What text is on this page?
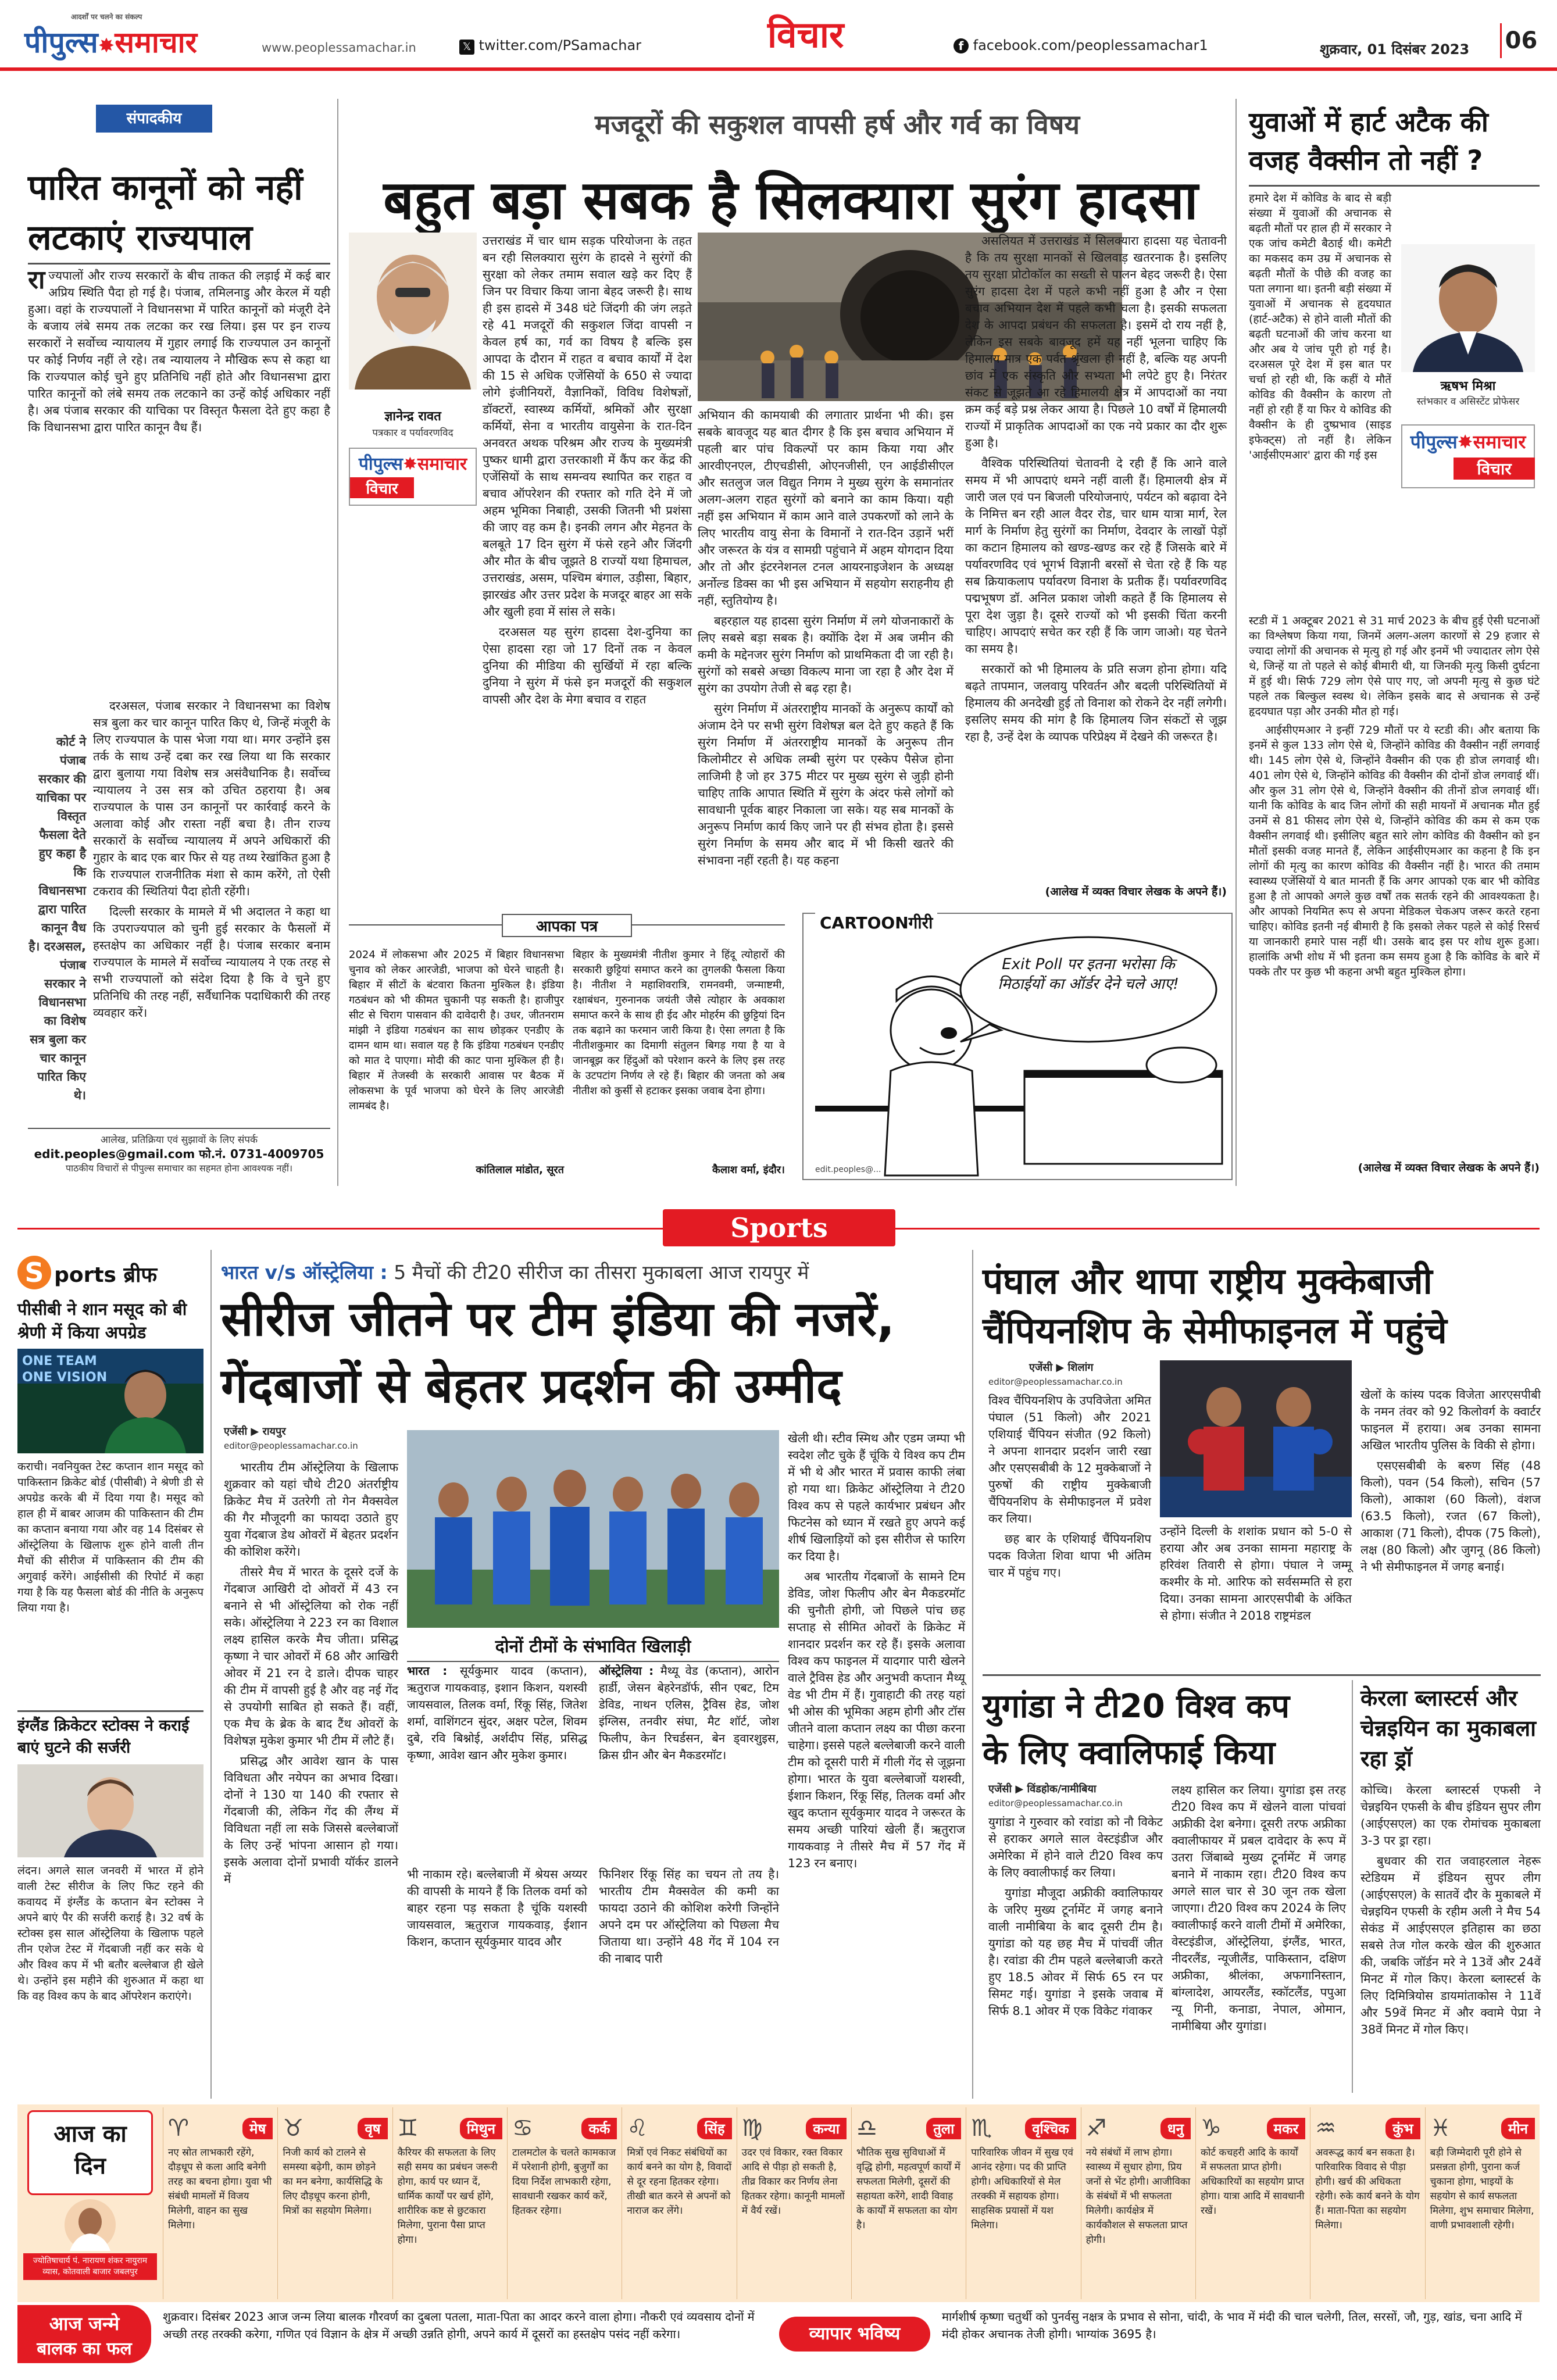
आदर्शों पर चलने का संकल्प
पीपुल्स✸समाचार	www.peoplessamachar.in	𝕏 twitter.com/PSamachar	विचार	f facebook.com/peoplessamachar1	शुक्रवार, 01 दिसंबर 2023 06
संपादकीय
पारित कानूनों को नहीं लटकाएं राज्यपाल

राज्यपालों और राज्य सरकारों के बीच ताकत की लड़ाई में कई बार अप्रिय स्थिति पैदा हो गई है। पंजाब, तमिलनाडु और केरल में यही हुआ। वहां के राज्यपालों ने विधानसभा में पारित कानूनों को मंजूरी देने के बजाय लंबे समय तक लटका कर रख लिया। इस पर इन राज्य सरकारों ने सर्वोच्च न्यायालय में गुहार लगाई कि राज्यपाल उन कानूनों पर कोई निर्णय नहीं ले रहे। तब न्यायालय ने मौखिक रूप से कहा था कि राज्यपाल कोई चुने हुए प्रतिनिधि नहीं होते और विधानसभा द्वारा पारित कानूनों को लंबे समय तक लटकाने का उन्हें कोई अधिकार नहीं है। अब पंजाब सरकार की याचिका पर विस्तृत फैसला देते हुए कहा है कि विधानसभा द्वारा पारित कानून वैध हैं।

दरअसल, पंजाब सरकार ने विधानसभा का विशेष सत्र बुला कर चार कानून पारित किए थे, जिन्हें मंजूरी के लिए राज्यपाल के पास भेजा गया था। मगर उन्होंने इस तर्क के साथ उन्हें दबा कर रख लिया था कि सरकार द्वारा बुलाया गया विशेष सत्र असंवैधानिक है। सर्वोच्च न्यायालय ने उस सत्र को उचित ठहराया है। अब राज्यपाल के पास उन कानूनों पर कार्रवाई करने के अलावा कोई और रास्ता नहीं बचा है। तीन राज्य सरकारों के सर्वोच्च न्यायालय में अपने अधिकारों की गुहार के बाद एक बार फिर से यह तथ्य रेखांकित हुआ है कि राज्यपाल राजनीतिक मंशा से काम करेंगे, तो ऐसी टकराव की स्थितियां पैदा होती रहेंगी।

दिल्ली सरकार के मामले में भी अदालत ने कहा था कि उपराज्यपाल को चुनी हुई सरकार के फैसलों में हस्तक्षेप का अधिकार नहीं है। पंजाब सरकार बनाम राज्यपाल के मामले में सर्वोच्च न्यायालय ने एक तरह से सभी राज्यपालों को संदेश दिया है कि वे चुने हुए प्रतिनिधि की तरह नहीं, सर्वैधानिक पदाधिकारी की तरह व्यवहार करें।

कोर्ट ने पंजाब सरकार की याचिका पर विस्तृत फैसला देते हुए कहा है कि विधानसभा द्वारा पारित कानून वैध है। दरअसल, पंजाब सरकार ने विधानसभा का विशेष सत्र बुला कर चार कानून पारित किए थे।
आलेख, प्रतिक्रिया एवं सुझावों के लिए संपर्क
edit.peoples@gmail.com फो.नं. 0731-4009705
पाठकीय विचारों से पीपुल्स समाचार का सहमत होना आवश्यक नहीं।
मजदूरों की सकुशल वापसी हर्ष और गर्व का विषय
बहुत बड़ा सबक है सिलक्यारा सुरंग हादसा
ज्ञानेन्द्र रावत
पत्रकार व पर्यावरणविद
पीपुल्स✸समाचार
विचार

उत्तराखंड में चार धाम सड़क परियोजना के तहत बन रही सिलक्यारा सुरंग के हादसे ने सुरंगों की सुरक्षा को लेकर तमाम सवाल खड़े कर दिए हैं जिन पर विचार किया जाना बेहद जरूरी है। साथ ही इस हादसे में 348 घंटे जिंदगी की जंग लड़ते रहे 41 मजदूरों की सकुशल जिंदा वापसी न केवल हर्ष का, गर्व का विषय है बल्कि इस आपदा के दौरान में राहत व बचाव कार्यों में देश की 15 से अधिक एजेंसियों के 650 से ज्यादा लोगे इंजीनियरों, वैज्ञानिकों, विविध विशेषज्ञों, डॉक्टरों, स्वास्थ्य कर्मियों, श्रमिकों और सुरक्षा कर्मियों, सेना व भारतीय वायुसेना के रात-दिन अनवरत अथक परिश्रम और राज्य के मुख्यमंत्री पुष्कर धामी द्वारा उत्तरकाशी में कैंप कर केंद्र की एजेंसियों के साथ समन्वय स्थापित कर राहत व बचाव ऑपरेशन की रफ्तार को गति देने में जो अहम भूमिका निबाही, उसकी जितनी भी प्रशंसा की जाए वह कम है। इनकी लगन और मेहनत के बलबूते 17 दिन सुरंग में फंसे रहने और जिंदगी और मौत के बीच जूझते 8 राज्यों यथा हिमाचल, उत्तराखंड, असम, पश्चिम बंगाल, उड़ीसा, बिहार, झारखंड और उत्तर प्रदेश के मजदूर बाहर आ सके और खुली हवा में सांस ले सके।

दरअसल यह सुरंग हादसा देश-दुनिया का ऐसा हादसा रहा जो 17 दिनों तक न केवल दुनिया की मीडिया की सुर्खियों में रहा बल्कि दुनिया ने सुरंग में फंसे इन मजदूरों की सकुशल वापसी और देश के मेगा बचाव व राहत

अभियान की कामयाबी की लगातार प्रार्थना भी की। इस सबके बावजूद यह बात दीगर है कि इस बचाव अभियान में पहली बार पांच विकल्पों पर काम किया गया और आरवीएनएल, टीएचडीसी, ओएनजीसी, एन आईडीसीएल और सतलुज जल विद्युत निगम ने मुख्य सुरंग के समानांतर अलग-अलग राहत सुरंगों को बनाने का काम किया। यही नहीं इस अभियान में काम आने वाले उपकरणों को लाने के लिए भारतीय वायु सेना के विमानों ने रात-दिन उड़ानें भरीं और जरूरत के यंत्र व सामग्री पहुंचाने में अहम योगदान दिया और तो और इंटरनेशनल टनल आयरनाइजेशन के अध्यक्ष अर्नोल्ड डिक्स का भी इस अभियान में सहयोग सराहनीय ही नहीं, स्तुतियोग्य है।

बहरहाल यह हादसा सुरंग निर्माण में लगे योजनाकारों के लिए सबसे बड़ा सबक है। क्योंकि देश में अब जमीन की कमी के मद्देनजर सुरंग निर्माण को प्राथमिकता दी जा रही है। सुरंगों को सबसे अच्छा विकल्प माना जा रहा है और देश में सुरंग का उपयोग तेजी से बढ़ रहा है।

सुरंग निर्माण में अंतरराष्ट्रीय मानकों के अनुरूप कार्यों को अंजाम देने पर सभी सुरंग विशेषज्ञ बल देते हुए कहते हैं कि सुरंग निर्माण में अंतरराष्ट्रीय मानकों के अनुरूप तीन किलोमीटर से अधिक लम्बी सुरंग पर एस्केप पैसेज होना लाजिमी है जो हर 375 मीटर पर मुख्य सुरंग से जुड़ी होनी चाहिए ताकि आपात स्थिति में सुरंग के अंदर फंसे लोगों को सावधानी पूर्वक बाहर निकाला जा सके। यह सब मानकों के अनुरूप निर्माण कार्य किए जाने पर ही संभव होता है। इससे सुरंग निर्माण के समय और बाद में भी किसी खतरे की संभावना नहीं रहती है। यह कहना

असलियत में उत्तराखंड में सिलक्यारा हादसा यह चेतावनी है कि तय सुरक्षा मानकों से खिलवाड़ खतरनाक है। इसलिए तय सुरक्षा प्रोटोकॉल का सख्ती से पालन बेहद जरूरी है। ऐसा सुरंग हादसा देश में पहले कभी नहीं हुआ है और न ऐसा बचाव अभियान देश में पहले कभी चला है। इसकी सफलता देश के आपदा प्रबंधन की सफलता है। इसमें दो राय नहीं है, लेकिन इस सबके बावजूद हमें यह नहीं भूलना चाहिए कि हिमालय मात्र एक पर्वत श्रृंखला ही नहीं है, बल्कि यह अपनी छांव में एक संस्कृति और सभ्यता भी लपेटे हुए है। निरंतर संकट से जूझते आ रहे हिमालयी क्षेत्र में आपदाओं का नया क्रम कई बड़े प्रश्न लेकर आया है। पिछले 10 वर्षों में हिमालयी राज्यों में प्राकृतिक आपदाओं का एक नये प्रकार का दौर शुरू हुआ है।

वैश्विक परिस्थितियां चेतावनी दे रही हैं कि आने वाले समय में भी आपदाएं थमने नहीं वाली हैं। हिमालयी क्षेत्र में जारी जल एवं पन बिजली परियोजनाएं, पर्यटन को बढ़ावा देने के निमित्त बन रही आल वैदर रोड, चार धाम यात्रा मार्ग, रेल मार्ग के निर्माण हेतु सुरंगों का निर्माण, देवदार के लाखों पेड़ों का कटान हिमालय को खण्ड-खण्ड कर रहे हैं जिसके बारे में पर्यावरणविद एवं भूगर्भ विज्ञानी बरसों से चेता रहे हैं कि यह सब क्रियाकलाप पर्यावरण विनाश के प्रतीक हैं। पर्यावरणविद पद्मभूषण डॉ. अनिल प्रकाश जोशी कहते हैं कि हिमालय से पूरा देश जुड़ा है। दूसरे राज्यों को भी इसकी चिंता करनी चाहिए। आपदाएं सचेत कर रही हैं कि जाग जाओ। यह चेतने का समय है।

सरकारों को भी हिमालय के प्रति सजग होना होगा। यदि बढ़ते तापमान, जलवायु परिवर्तन और बदली परिस्थितियों में हिमालय की अनदेखी हुई तो विनाश को रोकने देर नहीं लगेगी। इसलिए समय की मांग है कि हिमालय जिन संकटों से जूझ रहा है, उन्हें देश के व्यापक परिप्रेक्ष्य में देखने की जरूरत है।

(आलेख में व्यक्त विचार लेखक के अपने हैं।)
आपका पत्र
2024 में लोकसभा और 2025 में बिहार विधानसभा चुनाव को लेकर आरजेडी, भाजपा को घेरने चाहती है। बिहार में सीटों के बंटवारा कितना मुश्किल है। इंडिया गठबंधन को भी कीमत चुकानी पड़ सकती है। हाजीपुर सीट से चिराग पासवान की दावेदारी है। उधर, जीतनराम मांझी ने इंडिया गठबंधन का साथ छोड़कर एनडीए के दामन थाम था। सवाल यह है कि इंडिया गठबंधन एनडीए को मात दे पाएगा। मोदी की काट पाना मुश्किल ही है। बिहार में तेजस्वी के सरकारी आवास पर बैठक में लोकसभा के पूर्व भाजपा को घेरने के लिए आरजेडी लामबंद है।
कांतिलाल मांडोत, सूरत
बिहार के मुख्यमंत्री नीतीश कुमार ने हिंदू त्योहारों की सरकारी छुट्टियां समाप्त करने का तुगलकी फैसला किया है। नीतीश ने महाशिवरात्रि, रामनवमी, जन्माष्टमी, रक्षाबंधन, गुरुनानक जयंती जैसे त्योहार के अवकाश समाप्त करने के साथ ही ईद और मोहर्रम की छुट्टियां दिन तक बढ़ाने का फरमान जारी किया है। ऐसा लगता है कि नीतीशकुमार का दिमागी संतुलन बिगड़ गया है या वे जानबूझ कर हिंदुओं को परेशान करने के लिए इस तरह के उटपटांग निर्णय ले रहे हैं। बिहार की जनता को अब नीतीश को कुर्सी से हटाकर इसका जवाब देना होगा।
कैलाश वर्मा, इंदौर।
CARTOONगीरी
Exit Poll पर इतना भरोसा कि मिठाईयों का ऑर्डर देने चले आए!
edit.peoples@...
युवाओं में हार्ट अटैक की वजह वैक्सीन तो नहीं ?

हमारे देश में कोविड के बाद से बड़ी संख्या में युवाओं की अचानक से बढ़ती मौतों पर हाल ही में सरकार ने एक जांच कमेटी बैठाई थी। कमेटी का मकसद कम उम्र में अचानक से बढ़ती मौतों के पीछे की वजह का पता लगाना था। इतनी बड़ी संख्या में युवाओं में अचानक से हृदयघात (हार्ट-अटैक) से होने वाली मौतों की बढ़ती घटनाओं की जांच करना था और अब ये जांच पूरी हो गई है। दरअसल पूरे देश में इस बात पर चर्चा हो रही थी, कि कहीं ये मौतें कोविड की वैक्सीन के कारण तो नहीं हो रही हैं या फिर ये कोविड की वैक्सीन के ही दुष्प्रभाव (साइड इफेक्ट्स) तो नहीं है। लेकिन 'आईसीएमआर' द्वारा की गई इस

ऋषभ मिश्रा
स्तंभकार व असिस्टेंट प्रोफेसर
पीपुल्स✸समाचार
विचार

स्टडी में 1 अक्टूबर 2021 से 31 मार्च 2023 के बीच हुई ऐसी घटनाओं का विश्लेषण किया गया, जिनमें अलग-अलग कारणों से 29 हजार से ज्यादा लोगों की अचानक से मृत्यु हो गई और इनमें भी ज्यादातर लोग ऐसे थे, जिन्हें या तो पहले से कोई बीमारी थी, या जिनकी मृत्यु किसी दुर्घटना में हुई थी। सिर्फ 729 लोग ऐसे पाए गए, जो अपनी मृत्यु से कुछ घंटे पहले तक बिल्कुल स्वस्थ थे। लेकिन इसके बाद से अचानक से उन्हें हृदयघात पड़ा और उनकी मौत हो गई।

आईसीएमआर ने इन्हीं 729 मौतों पर ये स्टडी की। और बताया कि इनमें से कुल 133 लोग ऐसे थे, जिन्होंने कोविड की वैक्सीन नहीं लगवाई थी। 145 लोग ऐसे थे, जिन्होंने वैक्सीन की एक ही डोज लगवाई थी। 401 लोग ऐसे थे, जिन्होंने कोविड की वैक्सीन की दोनों डोज लगवाई थीं। और कुल 31 लोग ऐसे थे, जिन्होंने वैक्सीन की तीनों डोज लगवाई थीं। यानी कि कोविड के बाद जिन लोगों की सही मायनों में अचानक मौत हुई उनमें से 81 फीसद लोग ऐसे थे, जिन्होंने कोविड की कम से कम एक वैक्सीन लगवाई थी। इसीलिए बहुत सारे लोग कोविड की वैक्सीन को इन मौतों इसकी वजह मानते हैं, लेकिन आईसीएमआर का कहना है कि इन लोगों की मृत्यु का कारण कोविड की वैक्सीन नहीं है। भारत की तमाम स्वास्थ्य एजेंसियों ये बात मानती हैं कि अगर आपको एक बार भी कोविड हुआ है तो आपको अगले कुछ वर्षों तक सतर्क रहने की आवश्यकता है। और आपको नियमित रूप से अपना मेडिकल चेकअप जरूर करते रहना चाहिए। कोविड इतनी नई बीमारी है कि इसको लेकर पहले से कोई रिसर्च या जानकारी हमारे पास नहीं थी। उसके बाद इस पर शोध शुरू हुआ। हालांकि अभी शोध में भी इतना कम समय हुआ है कि कोविड के बारे में पक्के तौर पर कुछ भी कहना अभी बहुत मुश्किल होगा।

(आलेख में व्यक्त विचार लेखक के अपने हैं।)
Sports
S ports ब्रीफ
पीसीबी ने शान मसूद को बी श्रेणी में किया अपग्रेड
ONE TEAM ONE VISION

कराची। नवनियुक्त टेस्ट कप्तान शान मसूद को पाकिस्तान क्रिकेट बोर्ड (पीसीबी) ने श्रेणी डी से अपग्रेड करके बी में दिया गया है। मसूद को हाल ही में बाबर आजम की पाकिस्तान की टीम का कप्तान बनाया गया और वह 14 दिसंबर से ऑस्ट्रेलिया के खिलाफ शुरू होने वाली तीन मैचों की सीरीज में पाकिस्तान की टीम की अगुवाई करेंगे। आईसीसी की रिपोर्ट में कहा गया है कि यह फैसला बोर्ड की नीति के अनुरूप लिया गया है।

इंग्लैंड क्रिकेटर स्टोक्स ने कराई बाएं घुटने की सर्जरी

लंदन। अगले साल जनवरी में भारत में होने वाली टेस्ट सीरीज के लिए फिट रहने की कवायद में इंग्लैंड के कप्तान बेन स्टोक्स ने अपने बाएं पैर की सर्जरी कराई है। 32 वर्ष के स्टोक्स इस साल ऑस्ट्रेलिया के खिलाफ पहले तीन एशेज टेस्ट में गेंदबाजी नहीं कर सके थे और विश्व कप में भी बतौर बल्लेबाज ही खेले थे। उन्होंने इस महीने की शुरुआत में कहा था कि वह विश्व कप के बाद ऑपरेशन कराएंगे।

भारत v/s ऑस्ट्रेलिया : 5 मैचों की टी20 सीरीज का तीसरा मुकाबला आज रायपुर में
सीरीज जीतने पर टीम इंडिया की नजरें,
गेंदबाजों से बेहतर प्रदर्शन की उम्मीद
एजेंसी ▶ रायपुर
editor@peoplessamachar.co.in

भारतीय टीम ऑस्ट्रेलिया के खिलाफ शुक्रवार को यहां चौथे टी20 अंतर्राष्ट्रीय क्रिकेट मैच में उतरेगी तो गेन मैक्सवेल की गैर मौजूदगी का फायदा उठाते हुए युवा गेंदबाज डेथ ओवरों में बेहतर प्रदर्शन की कोशिश करेंगे।

तीसरे मैच में भारत के दूसरे दर्जे के गेंदबाज आखिरी दो ओवरों में 43 रन बनाने से भी ऑस्ट्रेलिया को रोक नहीं सके। ऑस्ट्रेलिया ने 223 रन का विशाल लक्ष्य हासिल करके मैच जीता। प्रसिद्ध कृष्णा ने चार ओवरों में 68 और आखिरी ओवर में 21 रन दे डाले। दीपक चाहर की टीम में वापसी हुई है और वह नई गेंद से उपयोगी साबित हो सकते हैं। वहीं, एक मैच के ब्रेक के बाद टैंथ ओवरों के विशेषज्ञ मुकेश कुमार भी टीम में लौटे हैं।

प्रसिद्ध और आवेश खान के पास विविधता और नयेपन का अभाव दिखा। दोनों ने 130 या 140 की रफ्तार से गेंदबाजी की, लेकिन गेंद की लैंग्थ में विविधता नहीं ला सके जिससे बल्लेबाजों के लिए उन्हें भांपना आसान हो गया। इसके अलावा दोनों प्रभावी यॉर्कर डालने में

दोनों टीमों के संभावित खिलाड़ी
भारत : सूर्यकुमार यादव (कप्तान), ऋतुराज गायकवाड़, इशान किशन, यशस्वी जायसवाल, तिलक वर्मा, रिंकू सिंह, जितेश शर्मा, वाशिंगटन सुंदर, अक्षर पटेल, शिवम दुबे, रवि बिश्नोई, अर्शदीप सिंह, प्रसिद्ध कृष्णा, आवेश खान और मुकेश कुमार।
ऑस्ट्रेलिया : मैथ्यू वेड (कप्तान), आरोन हार्डी, जेसन बेहरेनडॉर्फ, सीन एबट, टिम डेविड, नाथन एलिस, ट्रैविस हेड, जोश इंग्लिस, तनवीर संघा, मैट शॉर्ट, जोश फिलीप, केन रिचर्डसन, बेन ड्वारशुइस, क्रिस ग्रीन और बेन मैकडरमॉट।

भी नाकाम रहे। बल्लेबाजी में श्रेयस अय्यर की वापसी के मायने हैं कि तिलक वर्मा को बाहर रहना पड़ सकता है चूंकि यशस्वी जायसवाल, ऋतुराज गायकवाड़, ईशान किशन, कप्तान सूर्यकुमार यादव और

फिनिशर रिंकू सिंह का चयन तो तय है। भारतीय टीम मैक्सवेल की कमी का फायदा उठाने की कोशिश करेगी जिन्होंने अपने दम पर ऑस्ट्रेलिया को पिछला मैच जिताया था। उन्होंने 48 गेंद में 104 रन की नाबाद पारी

खेली थी। स्टीव स्मिथ और एडम जम्पा भी स्वदेश लौट चुके हैं चूंकि ये विश्व कप टीम में भी थे और भारत में प्रवास काफी लंबा हो गया था। क्रिकेट ऑस्ट्रेलिया ने टी20 विश्व कप से पहले कार्यभार प्रबंधन और फिटनेस को ध्यान में रखते हुए अपने कई शीर्ष खिलाड़ियों को इस सीरीज से फारिग कर दिया है।

अब भारतीय गेंदबाजों के सामने टिम डेविड, जोश फिलीप और बेन मैकडरमॉट की चुनौती होगी, जो पिछले पांच छह सप्ताह से सीमित ओवरों के क्रिकेट में शानदार प्रदर्शन कर रहे हैं। इसके अलावा विश्व कप फाइनल में यादगार पारी खेलने वाले ट्रैविस हेड और अनुभवी कप्तान मैथ्यू वेड भी टीम में हैं। गुवाहाटी की तरह यहां भी ओस की भूमिका अहम होगी और टॉस जीतने वाला कप्तान लक्ष्य का पीछा करना चाहेगा। इससे पहले बल्लेबाजी करने वाली टीम को दूसरी पारी में गीली गेंद से जूझना होगा। भारत के युवा बल्लेबाजों यशस्वी, ईशान किशन, रिंकू सिंह, तिलक वर्मा और खुद कप्तान सूर्यकुमार यादव ने जरूरत के समय अच्छी पारियां खेली हैं। ऋतुराज गायकवाड़ ने तीसरे मैच में 57 गेंद में 123 रन बनाए।

पंघाल और थापा राष्ट्रीय मुक्केबाजी
चैंपियनशिप के सेमीफाइनल में पहुंचे
एजेंसी ▶ शिलांग
editor@peoplessamachar.co.in

विश्व चैंपियनशिप के उपविजेता अमित पंघाल (51 किलो) और 2021 एशियाई चैंपियन संजीत (92 किलो) ने अपना शानदार प्रदर्शन जारी रखा और एसएसबीबी के 12 मुक्केबाजों ने पुरुषों की राष्ट्रीय मुक्केबाजी चैंपियनशिप के सेमीफाइनल में प्रवेश कर लिया।

छह बार के एशियाई चैंपियनशिप पदक विजेता शिवा थापा भी अंतिम चार में पहुंच गए।

उन्होंने दिल्ली के शशांक प्रधान को 5-0 से हराया और अब उनका सामना महाराष्ट्र के हरिवंश तिवारी से होगा। पंघाल ने जम्मू कश्मीर के मो. आरिफ को सर्वसम्मति से हरा दिया। उनका सामना आरएसपीबी के अंकित से होगा। संजीत ने 2018 राष्ट्रमंडल

खेलों के कांस्य पदक विजेता आरएसपीबी के नमन तंवर को 92 किलोवर्ग के क्वार्टर फाइनल में हराया। अब उनका सामना अखिल भारतीय पुलिस के विकी से होगा।

एसएसबीबी के बरुण सिंह (48 किलो), पवन (54 किलो), सचिन (57 किलो), आकाश (60 किलो), वंशज (63.5 किलो), रजत (67 किलो), आकाश (71 किलो), दीपक (75 किलो), लक्ष (80 किलो) और जुगनू (86 किलो) ने भी सेमीफाइनल में जगह बनाई।

युगांडा ने टी20 विश्व कप
के लिए क्वालिफाई किया
एजेंसी ▶ विंडहोक/नामीबिया
editor@peoplessamachar.co.in

युगांडा ने गुरुवार को रवांडा को नौ विकेट से हराकर अगले साल वेस्टइंडीज और अमेरिका में होने वाले टी20 विश्व कप के लिए क्वालीफाई कर लिया।

युगांडा मौजूदा अफ्रीकी क्वालिफायर के जरिए मुख्य टूर्नामेंट में जगह बनाने वाली नामीबिया के बाद दूसरी टीम है। युगांडा को यह छह मैच में पांचवीं जीत है। रवांडा की टीम पहले बल्लेबाजी करते हुए 18.5 ओवर में सिर्फ 65 रन पर सिमट गई। युगांडा ने इसके जवाब में सिर्फ 8.1 ओवर में एक विकेट गंवाकर

लक्ष्य हासिल कर लिया। युगांडा इस तरह टी20 विश्व कप में खेलने वाला पांचवां अफ्रीकी देश बनेगा। दूसरी तरफ अफ्रीका क्वालीफायर में प्रबल दावेदार के रूप में उतरा जिंबाब्वे मुख्य टूर्नामेंट में जगह बनाने में नाकाम रहा। टी20 विश्व कप अगले साल चार से 30 जून तक खेला जाएगा। टी20 विश्व कप 2024 के लिए क्वालीफाई करने वाली टीमों में अमेरिका, वेस्टइंडीज, ऑस्ट्रेलिया, इंग्लैंड, भारत, नीदरलैंड, न्यूजीलैंड, पाकिस्तान, दक्षिण अफ्रीका, श्रीलंका, अफगानिस्तान, बांग्लादेश, आयरलैंड, स्कॉटलैंड, पपुआ न्यू गिनी, कनाडा, नेपाल, ओमान, नामीबिया और युगांडा।

केरला ब्लास्टर्स और चेन्नइयिन का मुकाबला रहा ड्रॉ

कोच्चि। केरला ब्लास्टर्स एफसी ने चेन्नइयिन एफसी के बीच इंडियन सुपर लीग (आईएसएल) का एक रोमांचक मुकाबला 3-3 पर ड्रा रहा।

बुधवार की रात जवाहरलाल नेहरू स्टेडियम में इंडियन सुपर लीग (आईएसएल) के सातवें दौर के मुकाबले में चेन्नइयिन एफसी के रहीम अली ने मैच 54 सेकंड में आईएसएल इतिहास का छठा सबसे तेज गोल करके खेल की शुरुआत की, जबकि जॉर्डन मरे ने 13वें और 24वें मिनट में गोल किए। केरला ब्लास्टर्स के लिए दिमित्रियोस डायमांताकोस ने 11वें और 59वें मिनट में और क्वामे पेप्रा ने 38वें मिनट में गोल किए।

आज का
दिन
ज्योतिषाचार्य पं. नारायण शंकर नायुराम व्यास, कोतवाली बाजार जबलपुर
♈	मेष
नए स्रोत लाभकारी रहेंगे, दौड़धूप से कला आदि बनेगी तरह का बचना होगा। युवा भी संबंधी मामलों में विजय मिलेगी, वाहन का सुख मिलेगा।
♉	वृष
निजी कार्य को टालने से समस्या बढ़ेगी, काम छोड़ने का मन बनेगा, कार्यसिद्धि के लिए दौड़धूप करना होगी, मित्रों का सहयोग मिलेगा।
♊	मिथुन
कैरियर की सफलता के लिए सही समय का प्रबंधन जरूरी होगा, कार्य पर ध्यान दें, धार्मिक कार्यों पर खर्च होंगे, शारीरिक कष्ट से छुटकारा मिलेगा, पुराना पैसा प्राप्त होगा।
♋	कर्क
टालमटोल के चलते कामकाज में परेशानी होगी, बुजुर्गों का दिया निर्देश लाभकारी रहेगा, सावधानी रखकर कार्य करें, हितकर रहेगा।
♌	सिंह
मित्रों एवं निकट संबंधियों का कार्य बनने का योग है, विवादों से दूर रहना हितकर रहेगा। तीखी बात करने से अपनों को नाराज कर लेंगे।
♍	कन्या
उदर एवं विकार, रक्त विकार आदि से पीड़ा हो सकती है, तीव्र विकार कर निर्णय लेना हितकर रहेगा। कानूनी मामलों में वैर्य रखें।
♎	तुला
भौतिक सुख सुविधाओं में वृद्धि होगी, महत्वपूर्ण कार्यों में सफलता मिलेगी, दूसरों की सहायता करेंगे, शादी विवाह के कार्यों में सफलता का योग है।
♏	वृश्चिक
पारिवारिक जीवन में सुख एवं आनंद रहेगा। पद की प्राप्ति होगी। अधिकारियों से मेल तरक्की में सहायक होगा। साहसिक प्रयासों में यश मिलेगा।
♐	धनु
नये संबंधों में लाभ होगा। स्वास्थ्य में सुधार होगा, प्रिय जनों से भेंट होगी। आजीविका के संबंधों में भी सफलता मिलेगी। कार्यक्षेत्र में कार्यकौशल से सफलता प्राप्त होगी।
♑	मकर
कोर्ट कचहरी आदि के कार्यों में सफलता प्राप्त होगी। अधिकारियों का सहयोग प्राप्त होगा। यात्रा आदि में सावधानी रखें।
♒	कुंभ
अवरूद्ध कार्य बन सकता है। पारिवारिक विवाद से पीड़ा होगी। खर्च की अधिकता रहेगी। रुके कार्य बनने के योग हैं। माता-पिता का सहयोग मिलेगा।
♓	मीन
बड़ी जिम्मेदारी पूरी होने से प्रसन्नता होगी, पुराना कर्ज चुकाना होगा, भाइयों के सहयोग से कार्य सफलता मिलेगा, शुभ समाचार मिलेगा, वाणी प्रभावशाली रहेगी।
आज जन्मे
बालक का फल
शुक्रवार। दिसंबर 2023 आज जन्म लिया बालक गौरवर्ण का दुबला पतला, माता-पिता का आदर करने वाला होगा। नौकरी एवं व्यवसाय दोनों में अच्छी तरह तरक्की करेगा, गणित एवं विज्ञान के क्षेत्र में अच्छी उन्नति होगी, अपने कार्य में दूसरों का हस्तक्षेप पसंद नहीं करेगा।	व्यापार भविष्य
मार्गशीर्ष कृष्णा चतुर्थी को पुनर्वसु नक्षत्र के प्रभाव से सोना, चांदी, के भाव में मंदी की चाल चलेगी, तिल, सरसों, जौ, गुड़, खांड, चना आदि में मंदी होकर अचानक तेजी होगी। भाग्यांक 3695 है।
